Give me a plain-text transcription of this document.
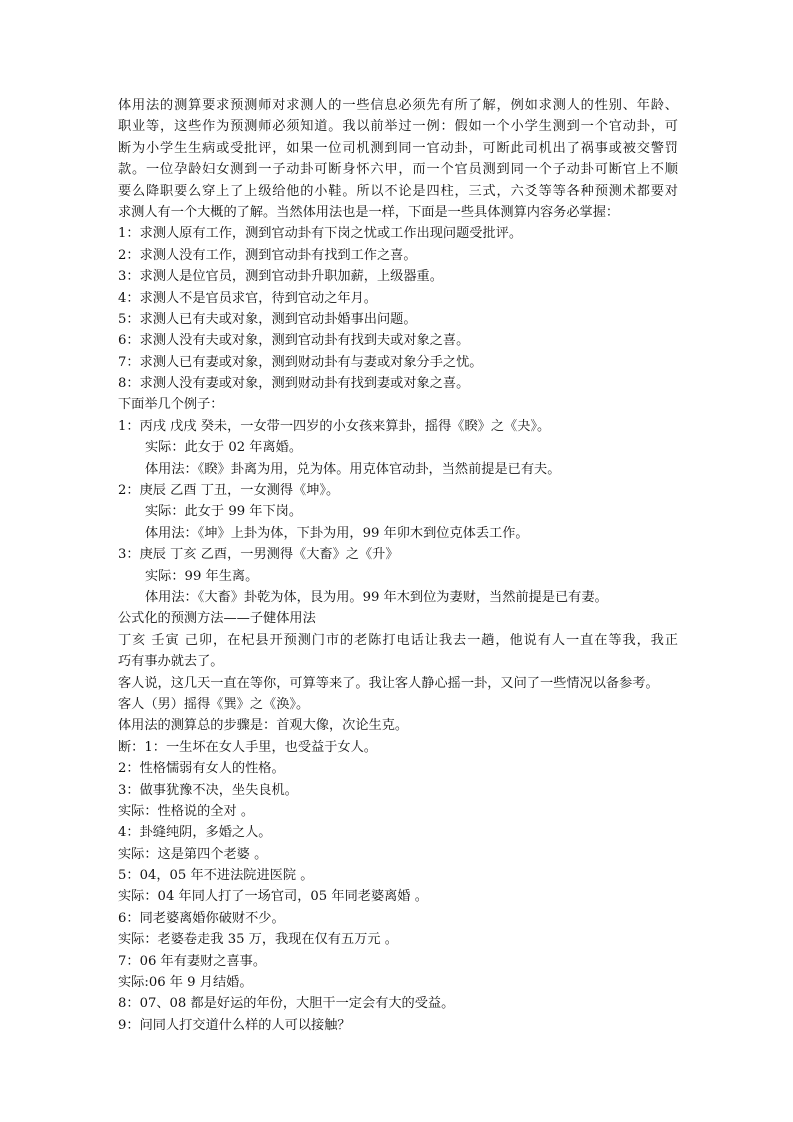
体用法的测算要求预测师对求测人的一些信息必须先有所了解，例如求测人的性别、年龄、
职业等，这些作为预测师必须知道。我以前举过一例：假如一个小学生测到一个官动卦，可
断为小学生生病或受批评，如果一位司机测到同一官动卦，可断此司机出了祸事或被交警罚
款。一位孕龄妇女测到一子动卦可断身怀六甲，而一个官员测到同一个子动卦可断官上不顺
要么降职要么穿上了上级给他的小鞋。所以不论是四柱，三式，六爻等等各种预测术都要对
求测人有一个大概的了解。当然体用法也是一样，下面是一些具体测算内容务必掌握：
1：求测人原有工作，测到官动卦有下岗之忧或工作出现问题受批评。
2：求测人没有工作，测到官动卦有找到工作之喜。
3：求测人是位官员，测到官动卦升职加薪，上级器重。
4：求测人不是官员求官，待到官动之年月。
5：求测人已有夫或对象，测到官动卦婚事出问题。
6：求测人没有夫或对象，测到官动卦有找到夫或对象之喜。
7：求测人已有妻或对象，测到财动卦有与妻或对象分手之忧。
8：求测人没有妻或对象，测到财动卦有找到妻或对象之喜。
下面举几个例子：
1：丙戌 戊戌 癸未，一女带一四岁的小女孩来算卦，摇得《睽》之《夬》。
实际：此女于 02 年离婚。
体用法：《睽》卦离为用，兑为体。用克体官动卦，当然前提是已有夫。
2：庚辰 乙酉 丁丑，一女测得《坤》。
实际：此女于 99 年下岗。
体用法：《坤》上卦为体，下卦为用，99 年卯木到位克体丢工作。
3：庚辰 丁亥 乙酉，一男测得《大畜》之《升》
实际：99 年生离。
体用法：《大畜》卦乾为体，艮为用。99 年木到位为妻财，当然前提是已有妻。
公式化的预测方法——子健体用法
丁亥 壬寅 己卯，在杞县开预测门市的老陈打电话让我去一趟，他说有人一直在等我，我正
巧有事办就去了。
客人说，这几天一直在等你，可算等来了。我让客人静心摇一卦，又问了一些情况以备参考。
客人（男）摇得《巽》之《涣》。
体用法的测算总的步骤是：首观大像，次论生克。
断：1：一生坏在女人手里，也受益于女人。
2：性格懦弱有女人的性格。
3：做事犹豫不决，坐失良机。
实际：性格说的全对 。
4：卦缝纯阴，多婚之人。
实际：这是第四个老婆 。
5：04，05 年不进法院进医院 。
实际：04 年同人打了一场官司，05 年同老婆离婚 。
6：同老婆离婚你破财不少。
实际：老婆卷走我 35 万，我现在仅有五万元 。
7：06 年有妻财之喜事。
实际:06 年 9 月结婚。
8：07、08 都是好运的年份，大胆干一定会有大的受益。
9：问同人打交道什么样的人可以接触？
